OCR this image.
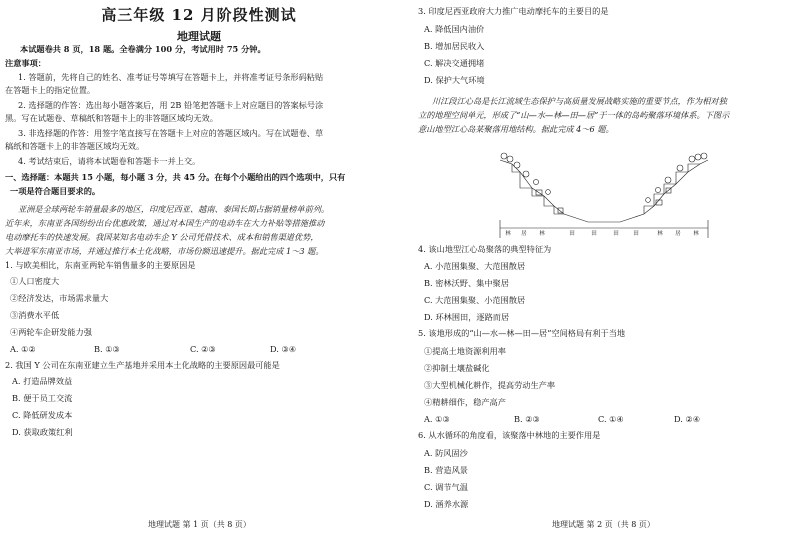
高三年级 12 月阶段性测试
地理试题
本试题卷共 8 页，18 题。全卷满分 100 分，考试用时 75 分钟。
注意事项：
1. 答题前，先将自己的姓名、准考证号等填写在答题卡上，并将准考证号条形码粘贴
在答题卡上的指定位置。
2. 选择题的作答：选出每小题答案后，用 2B 铅笔把答题卡上对应题目的答案标号涂
黑。写在试题卷、草稿纸和答题卡上的非答题区域均无效。
3. 非选择题的作答：用签字笔直接写在答题卡上对应的答题区域内。写在试题卷、草
稿纸和答题卡上的非答题区域均无效。
4. 考试结束后，请将本试题卷和答题卡一并上交。
一、选择题：本题共 15 小题，每小题 3 分，共 45 分。在每个小题给出的四个选项中，只有
一项是符合题目要求的。
亚洲是全球两轮车销量最多的地区，印度尼西亚、越南、泰国长期占据销量榜单前列。
近年来，东南亚各国纷纷出台优惠政策，通过对本国生产的电动车在大力补贴等措施推动
电动摩托车的快速发展。我国某知名电动车企 Y 公司凭借技术、成本和销售渠道优势，
大举进军东南亚市场，并通过推行本土化战略，市场份额迅速提升。据此完成 1～3 题。
1. 与欧美相比，东南亚两轮车销售量多的主要原因是
①人口密度大
②经济发达，市场需求量大
③消费水平低
④两轮车企研发能力强
A. ①②	B. ①③	C. ②③	D. ③④
2. 我国 Y 公司在东南亚建立生产基地并采用本土化战略的主要原因最可能是
A. 打造品牌效益
B. 便于员工交流
C. 降低研发成本
D. 获取政策红利
地理试题 第 1 页（共 8 页）
3. 印度尼西亚政府大力推广电动摩托车的主要目的是
A. 降低国内油价
B. 增加居民收入
C. 解决交通拥堵
D. 保护大气环境
川江段江心岛是长江流域生态保护与高质量发展战略实施的重要节点，作为相对独
立的地理空间单元，形成了“山—水—林—田—居”于一体的岛屿聚落环境体系。下图示
意山地型江心岛某聚落用地结构。据此完成 4～6 题。
林 居 林	田	田	田	田	林 居 林
4. 该山地型江心岛聚落的典型特征为
A. 小范围集聚、大范围散居
B. 密林沃野、集中聚居
C. 大范围集聚、小范围散居
D. 环林围田，逐路而居
5. 该地形成的“山—水—林—田—居”空间格局有利于当地
①提高土地资源利用率
②抑制土壤盐碱化
③大型机械化耕作，提高劳动生产率
④精耕细作，稳产高产
A. ①③	B. ②③	C. ①④	D. ②④
6. 从水循环的角度看，该聚落中林地的主要作用是
A. 防风固沙
B. 营造风景
C. 调节气温
D. 涵养水源
地理试题 第 2 页（共 8 页）
